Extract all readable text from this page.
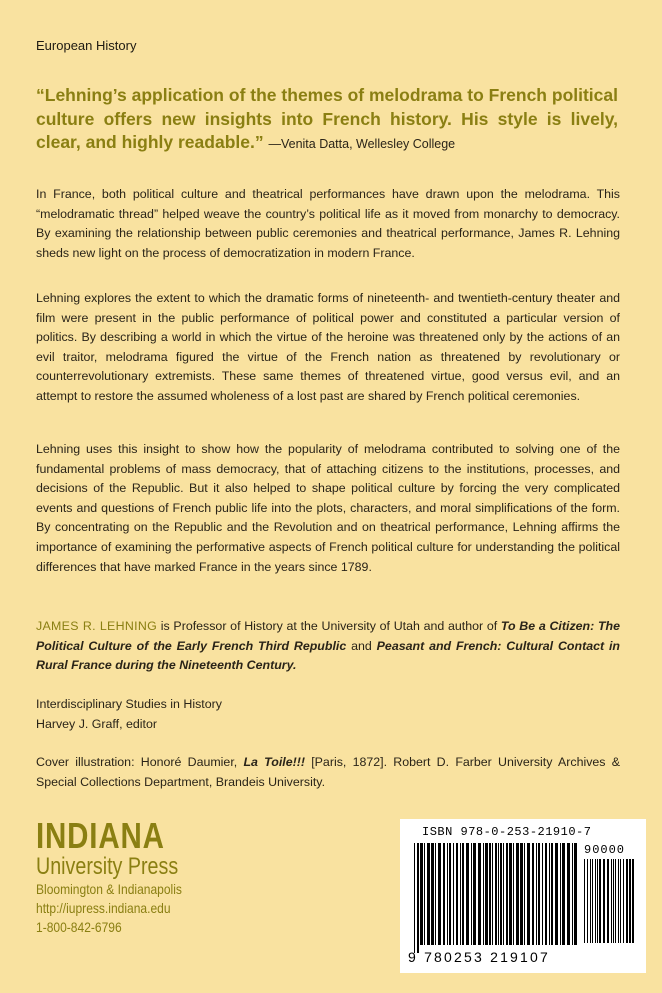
European History
“Lehning’s application of the themes of melodrama to French political culture offers new insights into French history. His style is lively, clear, and highly readable.” —Venita Datta, Wellesley College

In France, both political culture and theatrical performances have drawn upon the melodrama. This “melodramatic thread” helped weave the country’s political life as it moved from monarchy to democracy. By examining the relationship between public ceremonies and theatrical performance, James R. Lehning sheds new light on the process of democratization in modern France.

Lehning explores the extent to which the dramatic forms of nineteenth- and twentieth-century theater and film were present in the public performance of political power and constituted a particular version of politics. By describing a world in which the virtue of the heroine was threatened only by the actions of an evil traitor, melodrama figured the virtue of the French nation as threatened by revolutionary or counterrevolutionary extremists. These same themes of threatened virtue, good versus evil, and an attempt to restore the assumed wholeness of a lost past are shared by French political ceremonies.

Lehning uses this insight to show how the popularity of melodrama contributed to solving one of the fundamental problems of mass democracy, that of attaching citizens to the institutions, processes, and decisions of the Republic. But it also helped to shape political culture by forcing the very complicated events and questions of French public life into the plots, characters, and moral simplifications of the form. By concentrating on the Republic and the Revolution and on theatrical performance, Lehning affirms the importance of examining the performative aspects of French political culture for understanding the political differences that have marked France in the years since 1789.

JAMES R. LEHNING is Professor of History at the University of Utah and author of To Be a Citizen: The Political Culture of the Early French Third Republic and Peasant and French: Cultural Contact in Rural France during the Nineteenth Century.

Interdisciplinary Studies in History
Harvey J. Graff, editor
Cover illustration: Honoré Daumier, La Toile!!! [Paris, 1872]. Robert D. Farber University Archives & Special Collections Department, Brandeis University.
INDIANA
University Press
Bloomington & Indianapolis
http://iupress.indiana.edu
1-800-842-6796
ISBN 978-0-253-21910-7
90000
9 780253 219107
